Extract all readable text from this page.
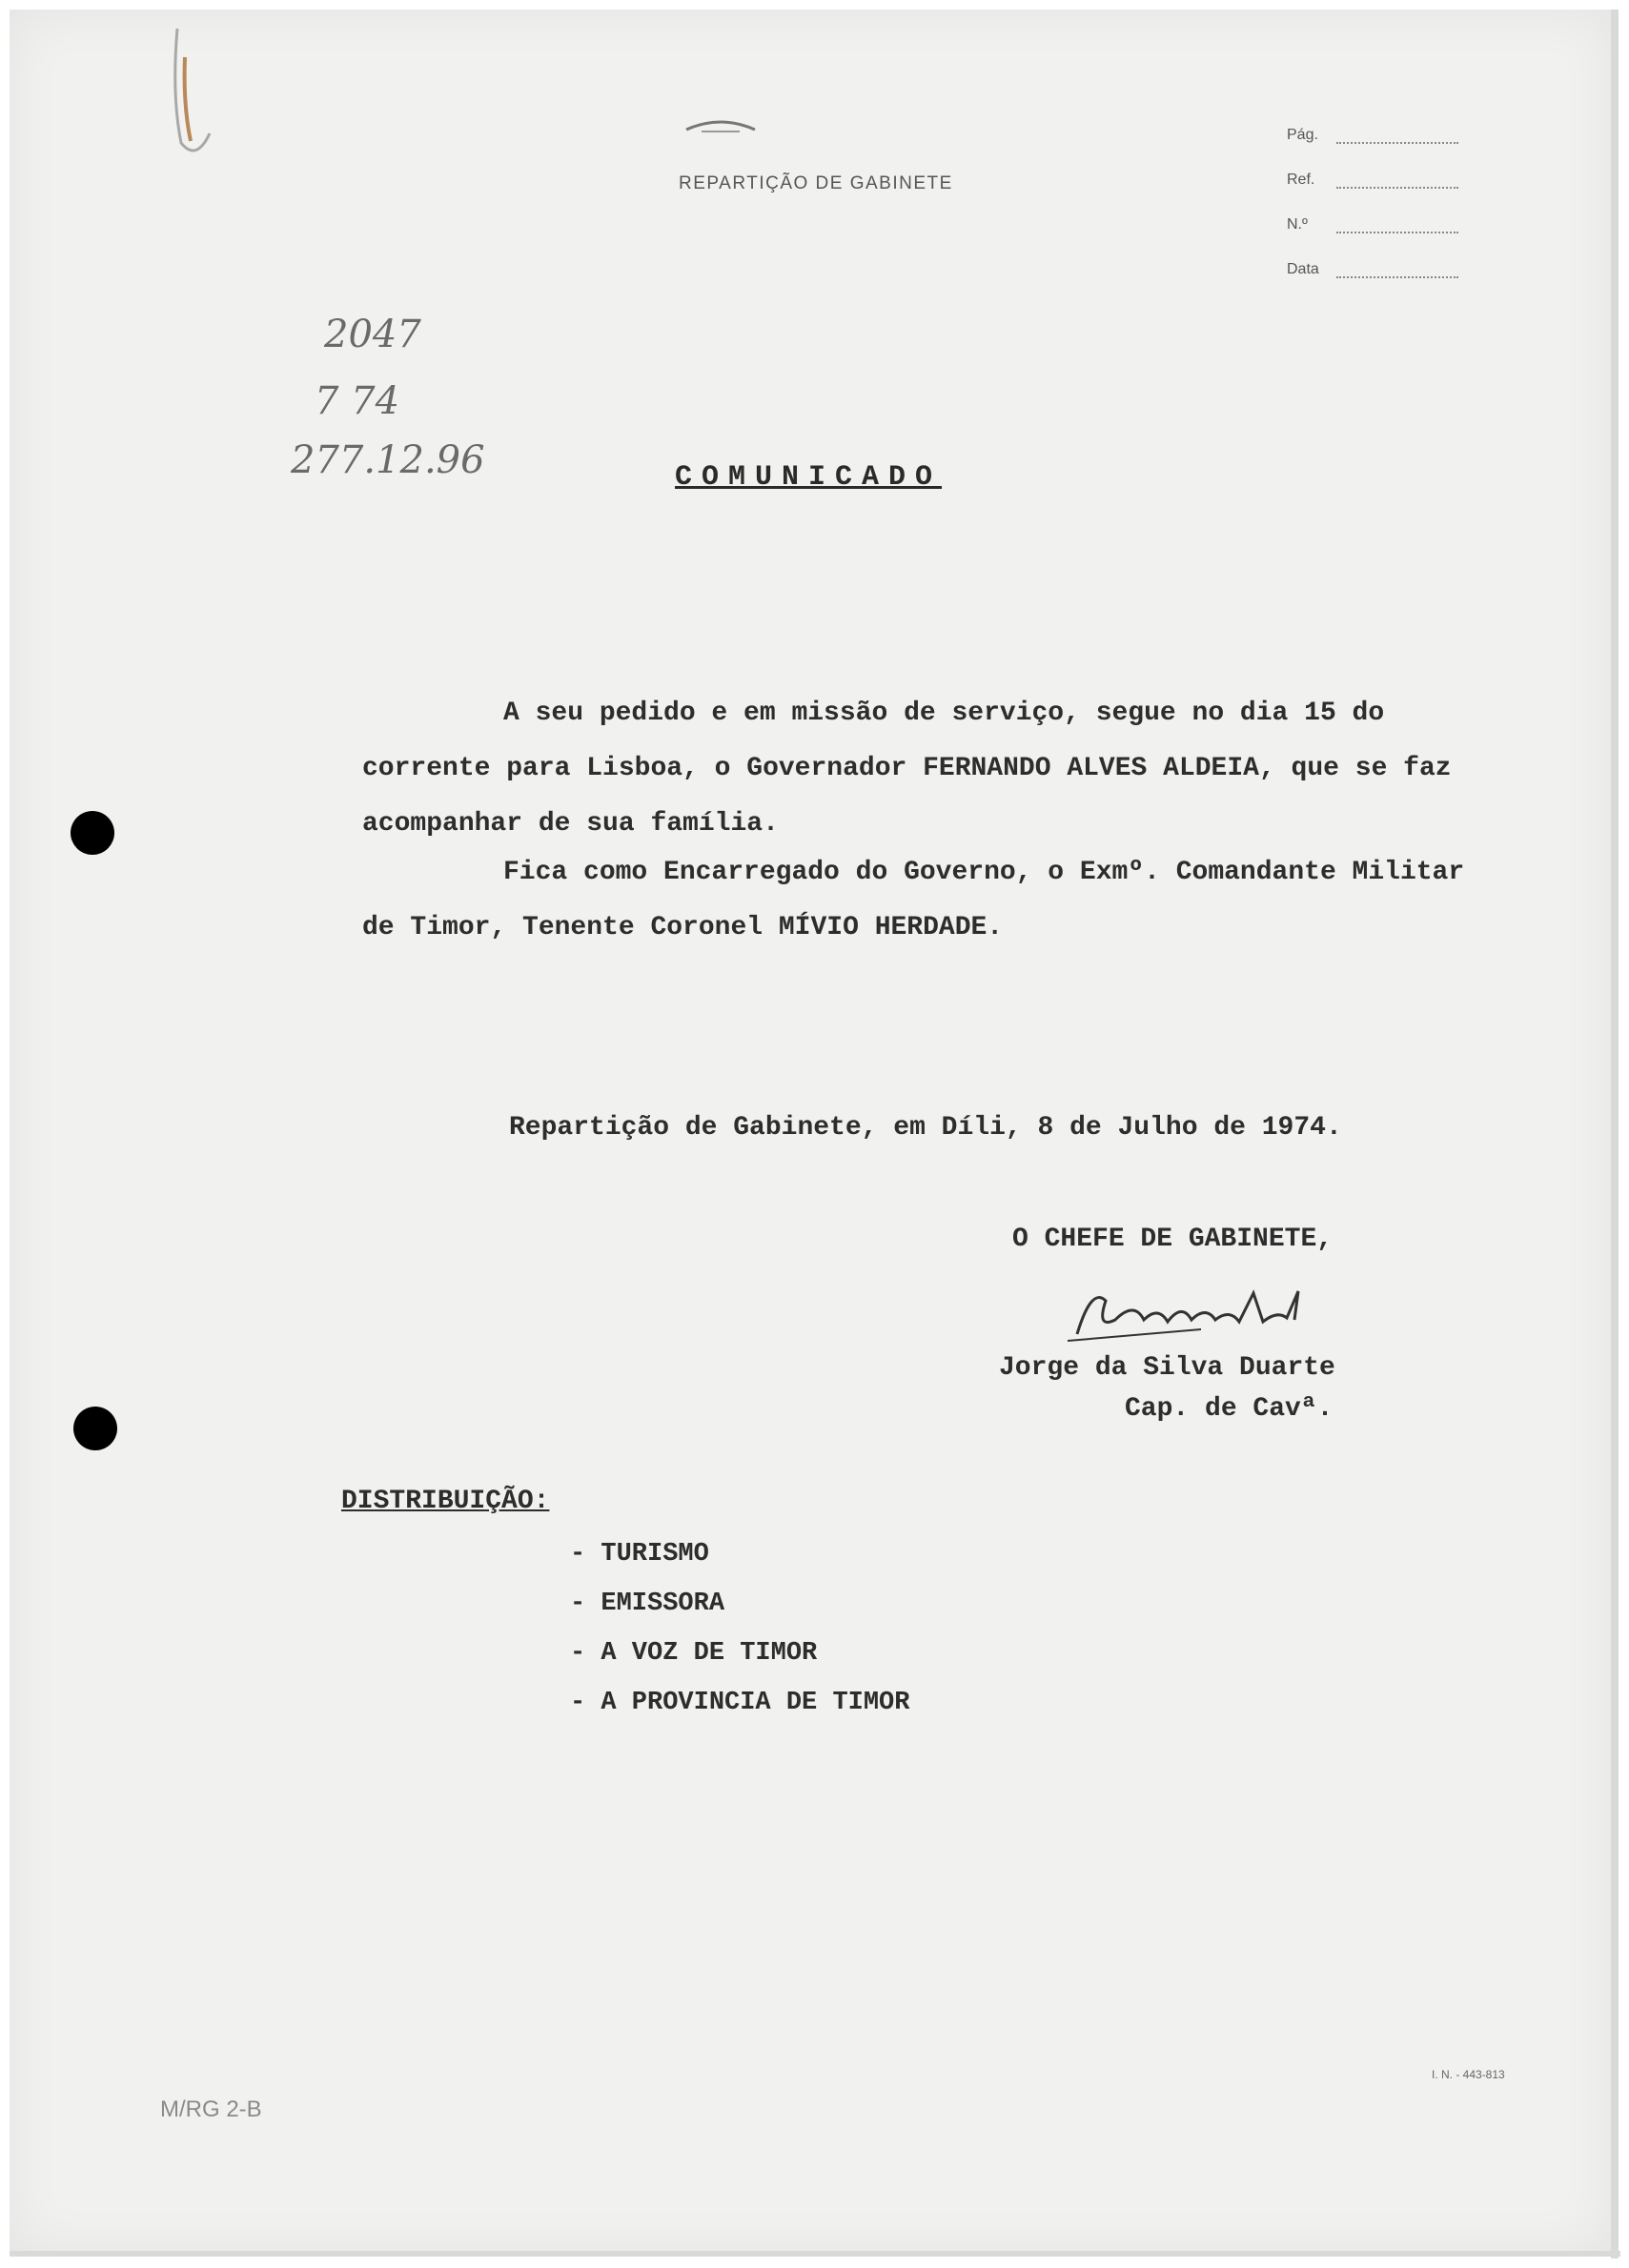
REPARTIÇÃO DE GABINETE
Pág.
Ref.
N.º
Data
2047
7 74
277.12.96	COMUNICADO
A seu pedido e em missão de serviço, segue no dia 15 do corrente para Lisboa, o Governador FERNANDO ALVES ALDEIA, que se faz acompanhar de sua família.
Fica como Encarregado do Governo, o Exmº. Comandante Militar de Timor, Tenente Coronel MÍVIO HERDADE.
Repartição de Gabinete, em Díli, 8 de Julho de 1974.
O CHEFE DE GABINETE,
Jorge da Silva Duarte
Cap. de Cavª.
DISTRIBUIÇÃO:
- TURISMO
- EMISSORA
- A VOZ DE TIMOR
- A PROVINCIA DE TIMOR
M/RG 2-B
I. N. - 443-813
